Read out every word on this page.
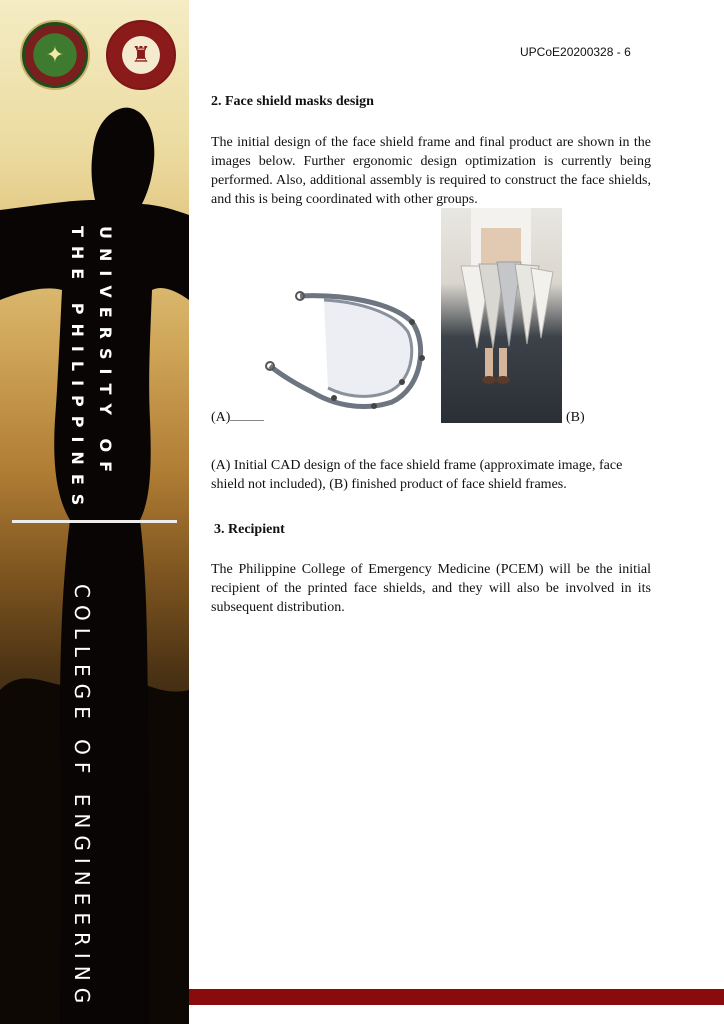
✦	♜
UNIVERSITY OF
THE PHILIPPINES
COLLEGE OF ENGINEERING
UPCoE20200328 - 6
2. Face shield masks design

The initial design of the face shield frame and final product are shown in the images below. Further ergonomic design optimization is currently being performed. Also, additional assembly is required to construct the face shields, and this is being coordinated with other groups.

(A)	(B)

(A) Initial CAD design of the face shield frame (approximate image, face shield not included), (B) finished product of face shield frames.

3. Recipient

The Philippine College of Emergency Medicine (PCEM) will be the initial recipient of the printed face shields, and they will also be involved in its subsequent distribution.
